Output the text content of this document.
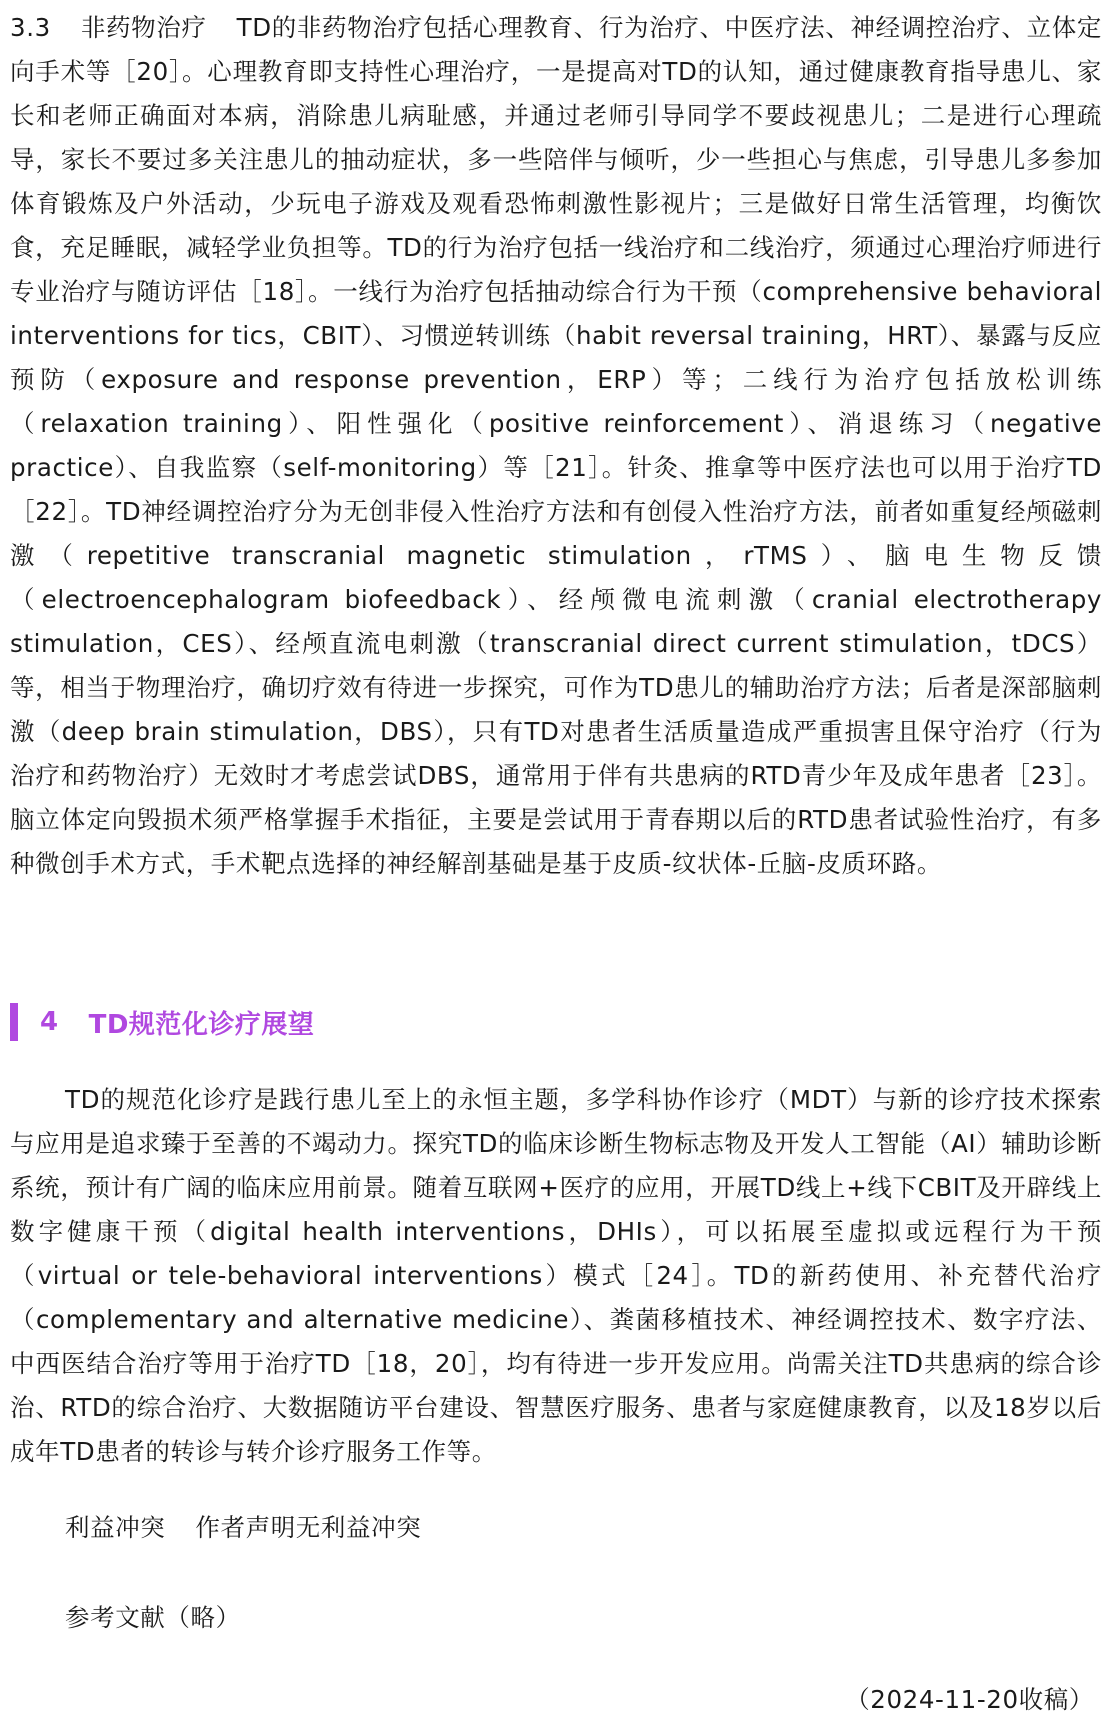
3.3 非药物治疗 TD的非药物治疗包括心理教育、行为治疗、中医疗法、神经调控治疗、立体定向手术等［20］。心理教育即支持性心理治疗，一是提高对TD的认知，通过健康教育指导患儿、家长和老师正确面对本病，消除患儿病耻感，并通过老师引导同学不要歧视患儿；二是进行心理疏导，家长不要过多关注患儿的抽动症状，多一些陪伴与倾听，少一些担心与焦虑，引导患儿多参加体育锻炼及户外活动，少玩电子游戏及观看恐怖刺激性影视片；三是做好日常生活管理，均衡饮食，充足睡眠，减轻学业负担等。TD的行为治疗包括一线治疗和二线治疗，须通过心理治疗师进行专业治疗与随访评估［18］。一线行为治疗包括抽动综合行为干预（comprehensive behavioral interventions for tics，CBIT）、习惯逆转训练（habit reversal training，HRT）、暴露与反应预防（exposure and response prevention，ERP）等；二线行为治疗包括放松训练（relaxation training）、阳性强化（positive reinforcement）、消退练习（negative practice）、自我监察（self-monitoring）等［21］。针灸、推拿等中医疗法也可以用于治疗TD［22］。TD神经调控治疗分为无创非侵入性治疗方法和有创侵入性治疗方法，前者如重复经颅磁刺激（repetitive transcranial magnetic stimulation，rTMS）、脑电生物反馈（electroencephalogram biofeedback）、经颅微电流刺激（cranial electrotherapy stimulation，CES）、经颅直流电刺激（transcranial direct current stimulation，tDCS）等，相当于物理治疗，确切疗效有待进一步探究，可作为TD患儿的辅助治疗方法；后者是深部脑刺激（deep brain stimulation，DBS），只有TD对患者生活质量造成严重损害且保守治疗（行为治疗和药物治疗）无效时才考虑尝试DBS，通常用于伴有共患病的RTD青少年及成年患者［23］。脑立体定向毁损术须严格掌握手术指征，主要是尝试用于青春期以后的RTD患者试验性治疗，有多种微创手术方式，手术靶点选择的神经解剖基础是基于皮质-纹状体-丘脑-皮质环路。

4 TD规范化诊疗展望

TD的规范化诊疗是践行患儿至上的永恒主题，多学科协作诊疗（MDT）与新的诊疗技术探索与应用是追求臻于至善的不竭动力。探究TD的临床诊断生物标志物及开发人工智能（AI）辅助诊断系统，预计有广阔的临床应用前景。随着互联网+医疗的应用，开展TD线上+线下CBIT及开辟线上数字健康干预（digital health interventions，DHIs），可以拓展至虚拟或远程行为干预（virtual or tele-behavioral interventions）模式［24］。TD的新药使用、补充替代治疗（complementary and alternative medicine）、粪菌移植技术、神经调控技术、数字疗法、中西医结合治疗等用于治疗TD［18，20］，均有待进一步开发应用。尚需关注TD共患病的综合诊治、RTD的综合治疗、大数据随访平台建设、智慧医疗服务、患者与家庭健康教育，以及18岁以后成年TD患者的转诊与转介诊疗服务工作等。

利益冲突 作者声明无利益冲突
参考文献（略）
（2024-11-20收稿）
